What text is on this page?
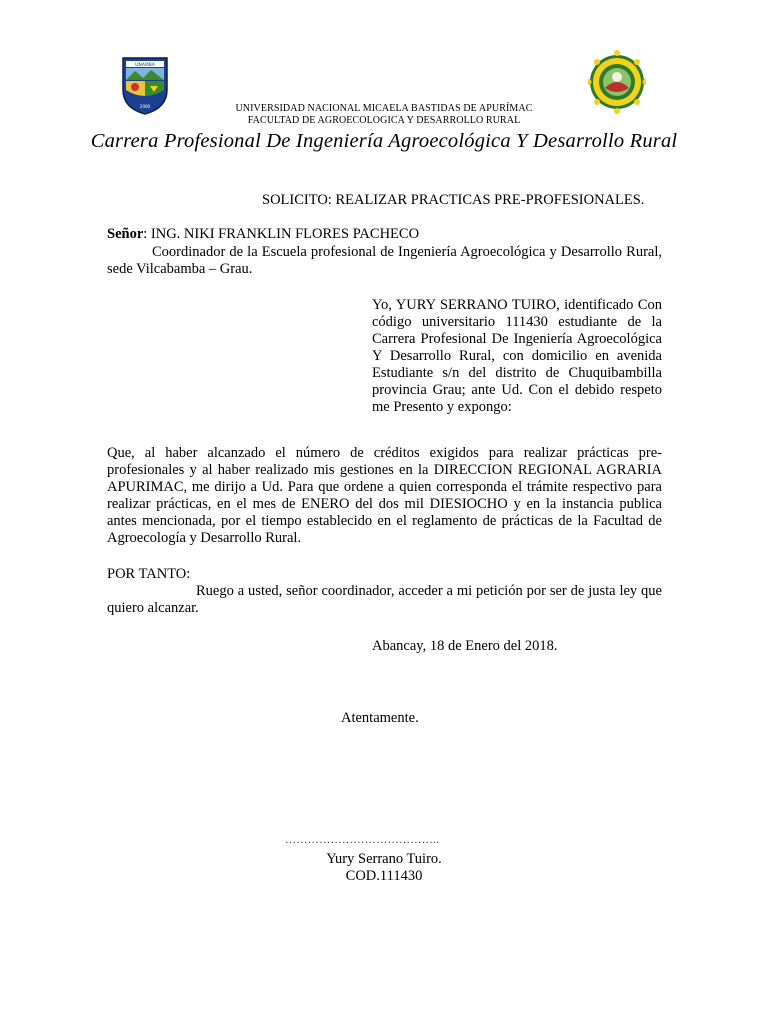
UNAMBA
2000	UNIVERSIDAD NACIONAL MICAELA BASTIDAS DE APURÍMAC
FACULTAD DE AGROECOLOGICA Y DESARROLLO RURAL
Carrera Profesional De Ingeniería Agroecológica Y Desarrollo Rural
SOLICITO: REALIZAR PRACTICAS PRE-PROFESIONALES.
Señor: ING. NIKI FRANKLIN FLORES PACHECO
Coordinador de la Escuela profesional de Ingeniería Agroecológica y Desarrollo Rural, sede Vilcabamba – Grau.
Yo, YURY SERRANO TUIRO, identificado Con código universitario 111430 estudiante de la Carrera Profesional De Ingeniería Agroecológica Y Desarrollo Rural, con domicilio en avenida Estudiante s/n del distrito de Chuquibambilla provincia Grau; ante Ud. Con el debido respeto me Presento y expongo:
Que, al haber alcanzado el número de créditos exigidos para realizar prácticas pre-profesionales y al haber realizado mis gestiones en la DIRECCION REGIONAL AGRARIA APURIMAC, me dirijo a Ud. Para que ordene a quien corresponda el trámite respectivo para realizar prácticas, en el mes de ENERO del dos mil DIESIOCHO y en la instancia publica antes mencionada, por el tiempo establecido en el reglamento de prácticas de la Facultad de Agroecología y Desarrollo Rural.
POR TANTO:
Ruego a usted, señor coordinador, acceder a mi petición por ser de justa ley que quiero alcanzar.
Abancay, 18 de Enero del 2018.
Atentamente.
…………………………………..
Yury Serrano Tuiro.
COD.111430
